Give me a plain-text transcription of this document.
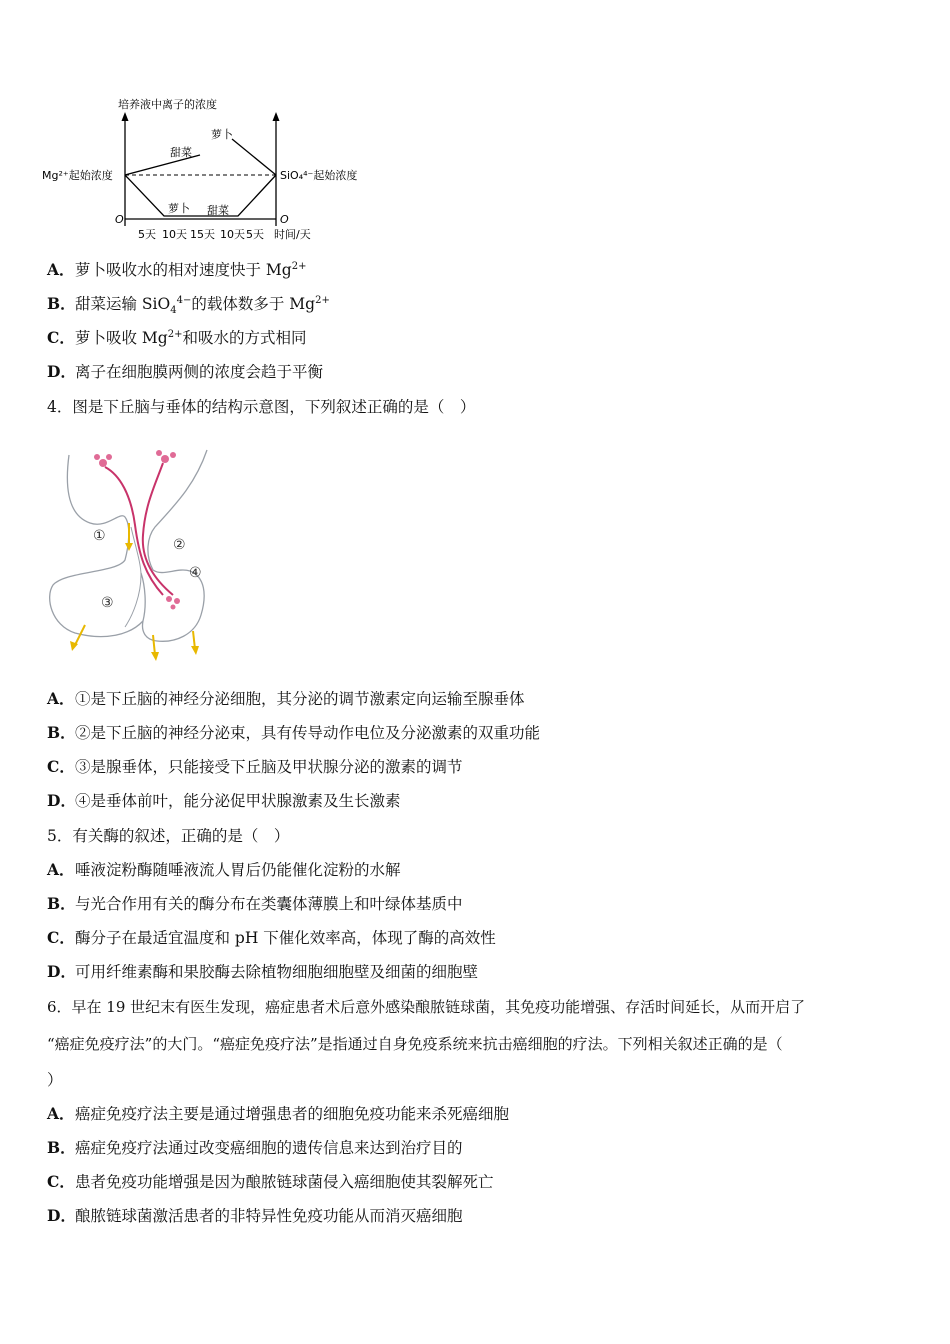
培养液中离子的浓度
甜菜
萝卜 甜菜
萝卜
Mg²⁺起始浓度	SiO₄⁴⁻起始浓度
O	O
5天 10天 15天 10天 5天 时间/天
A．萝卜吸收水的相对速度快于 $Mg^{2+}$
B．甜菜运输 SiO$_4^{4-}$的载体数多于 $Mg^{2+}$
C．萝卜吸收 $Mg^{2+}$和吸水的方式相同
D．离子在细胞膜两侧的浓度会趋于平衡
4．图是下丘脑与垂体的结构示意图，下列叙述正确的是（　）
①
②
③
④
A．①是下丘脑的神经分泌细胞，其分泌的调节激素定向运输至腺垂体
B．②是下丘脑的神经分泌束，具有传导动作电位及分泌激素的双重功能
C．③是腺垂体，只能接受下丘脑及甲状腺分泌的激素的调节
D．④是垂体前叶，能分泌促甲状腺激素及生长激素
5．有关酶的叙述，正确的是（　）
A．唾液淀粉酶随唾液流人胃后仍能催化淀粉的水解
B．与光合作用有关的酶分布在类囊体薄膜上和叶绿体基质中
C．酶分子在最适宜温度和 pH 下催化效率高，体现了酶的高效性
D．可用纤维素酶和果胶酶去除植物细胞细胞壁及细菌的细胞壁
6．早在 19 世纪末有医生发现，癌症患者术后意外感染酿脓链球菌，其免疫功能增强、存活时间延长，从而开启了
“癌症免疫疗法”的大门。“癌症免疫疗法”是指通过自身免疫系统来抗击癌细胞的疗法。下列相关叙述正确的是（
）
A．癌症免疫疗法主要是通过增强患者的细胞免疫功能来杀死癌细胞
B．癌症免疫疗法通过改变癌细胞的遗传信息来达到治疗目的
C．患者免疫功能增强是因为酿脓链球菌侵入癌细胞使其裂解死亡
D．酿脓链球菌激活患者的非特异性免疫功能从而消灭癌细胞
